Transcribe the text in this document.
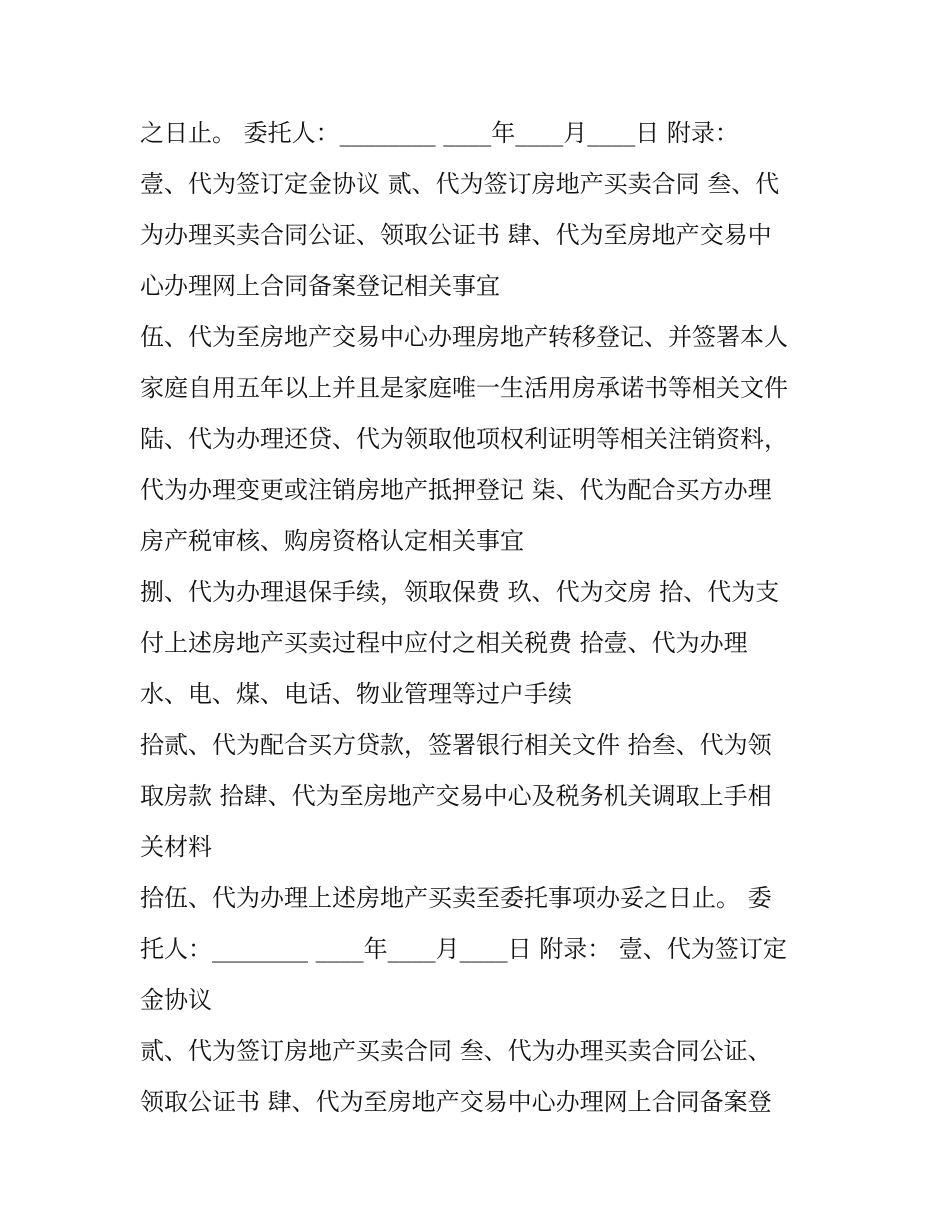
之日止。 委托人：________ ____年____月____日 附录：
壹、代为签订定金协议 贰、代为签订房地产买卖合同 叁、代
为办理买卖合同公证、领取公证书 肆、代为至房地产交易中
心办理网上合同备案登记相关事宜
伍、代为至房地产交易中心办理房地产转移登记、并签署本人
家庭自用五年以上并且是家庭唯一生活用房承诺书等相关文件
陆、代为办理还贷、代为领取他项权利证明等相关注销资料，
代为办理变更或注销房地产抵押登记 柒、代为配合买方办理
房产税审核、购房资格认定相关事宜
捌、代为办理退保手续，领取保费 玖、代为交房 拾、代为支
付上述房地产买卖过程中应付之相关税费 拾壹、代为办理
水、电、煤、电话、物业管理等过户手续
拾贰、代为配合买方贷款，签署银行相关文件 拾叁、代为领
取房款 拾肆、代为至房地产交易中心及税务机关调取上手相
关材料
拾伍、代为办理上述房地产买卖至委托事项办妥之日止。 委
托人：________ ____年____月____日 附录： 壹、代为签订定
金协议
贰、代为签订房地产买卖合同 叁、代为办理买卖合同公证、
领取公证书 肆、代为至房地产交易中心办理网上合同备案登
